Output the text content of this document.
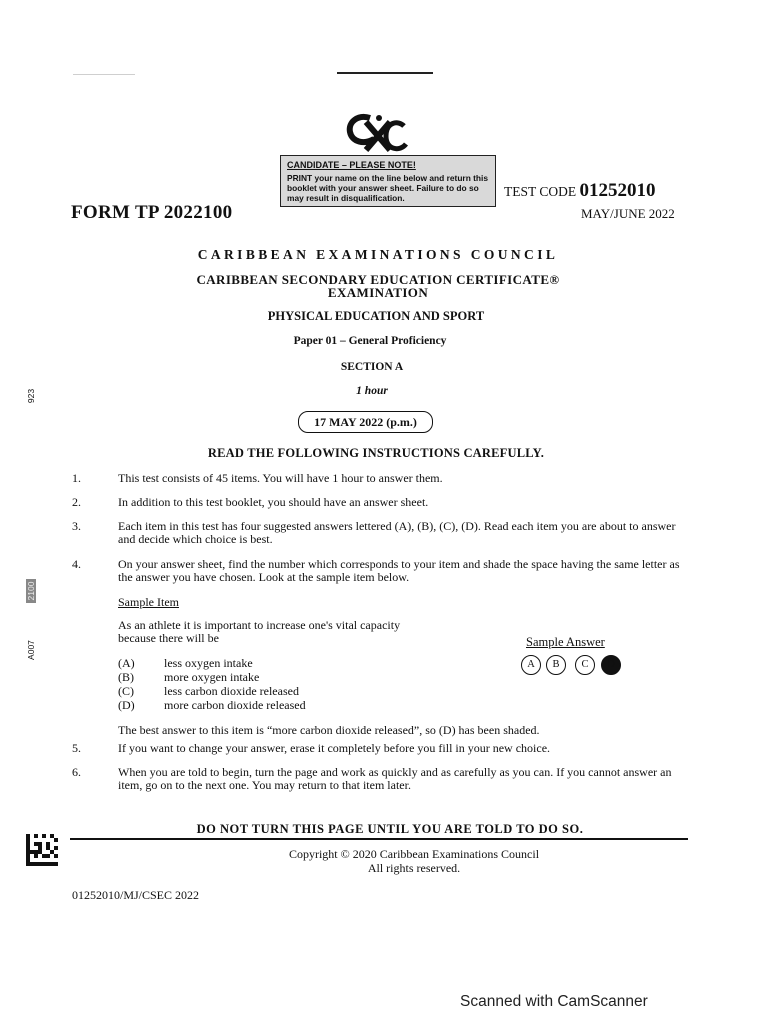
CANDIDATE – PLEASE NOTE!
PRINT your name on the line below and return this booklet with your answer sheet. Failure to do so may result in disqualification.
FORM TP 2022100
TEST CODE 01252010
MAY/JUNE 2022
CARIBBEAN EXAMINATIONS COUNCIL
CARIBBEAN SECONDARY EDUCATION CERTIFICATE®
EXAMINATION
PHYSICAL EDUCATION AND SPORT
Paper 01 – General Proficiency
SECTION A
1 hour
17 MAY 2022 (p.m.)
READ THE FOLLOWING INSTRUCTIONS CAREFULLY.
1.	This test consists of 45 items. You will have 1 hour to answer them.
2.	In addition to this test booklet, you should have an answer sheet.
3.	Each item in this test has four suggested answers lettered (A), (B), (C), (D). Read each item you are about to answer and decide which choice is best.
4.	On your answer sheet, find the number which corresponds to your item and shade the space having the same letter as the answer you have chosen. Look at the sample item below.
Sample Item
As an athlete it is important to increase one's vital capacity because there will be
(A) less oxygen intake
(B)	more oxygen intake
(C)	less carbon dioxide released
(D) more carbon dioxide released
Sample Answer
A	B	C	D
The best answer to this item is “more carbon dioxide released”, so (D) has been shaded.
5.	If you want to change your answer, erase it completely before you fill in your new choice.
6.	When you are told to begin, turn the page and work as quickly and as carefully as you can. If you cannot answer an item, go on to the next one. You may return to that item later.
DO NOT TURN THIS PAGE UNTIL YOU ARE TOLD TO DO SO.
Copyright © 2020 Caribbean Examinations Council
All rights reserved.
01252010/MJ/CSEC 2022
923
2100
A007
Scanned with CamScanner
